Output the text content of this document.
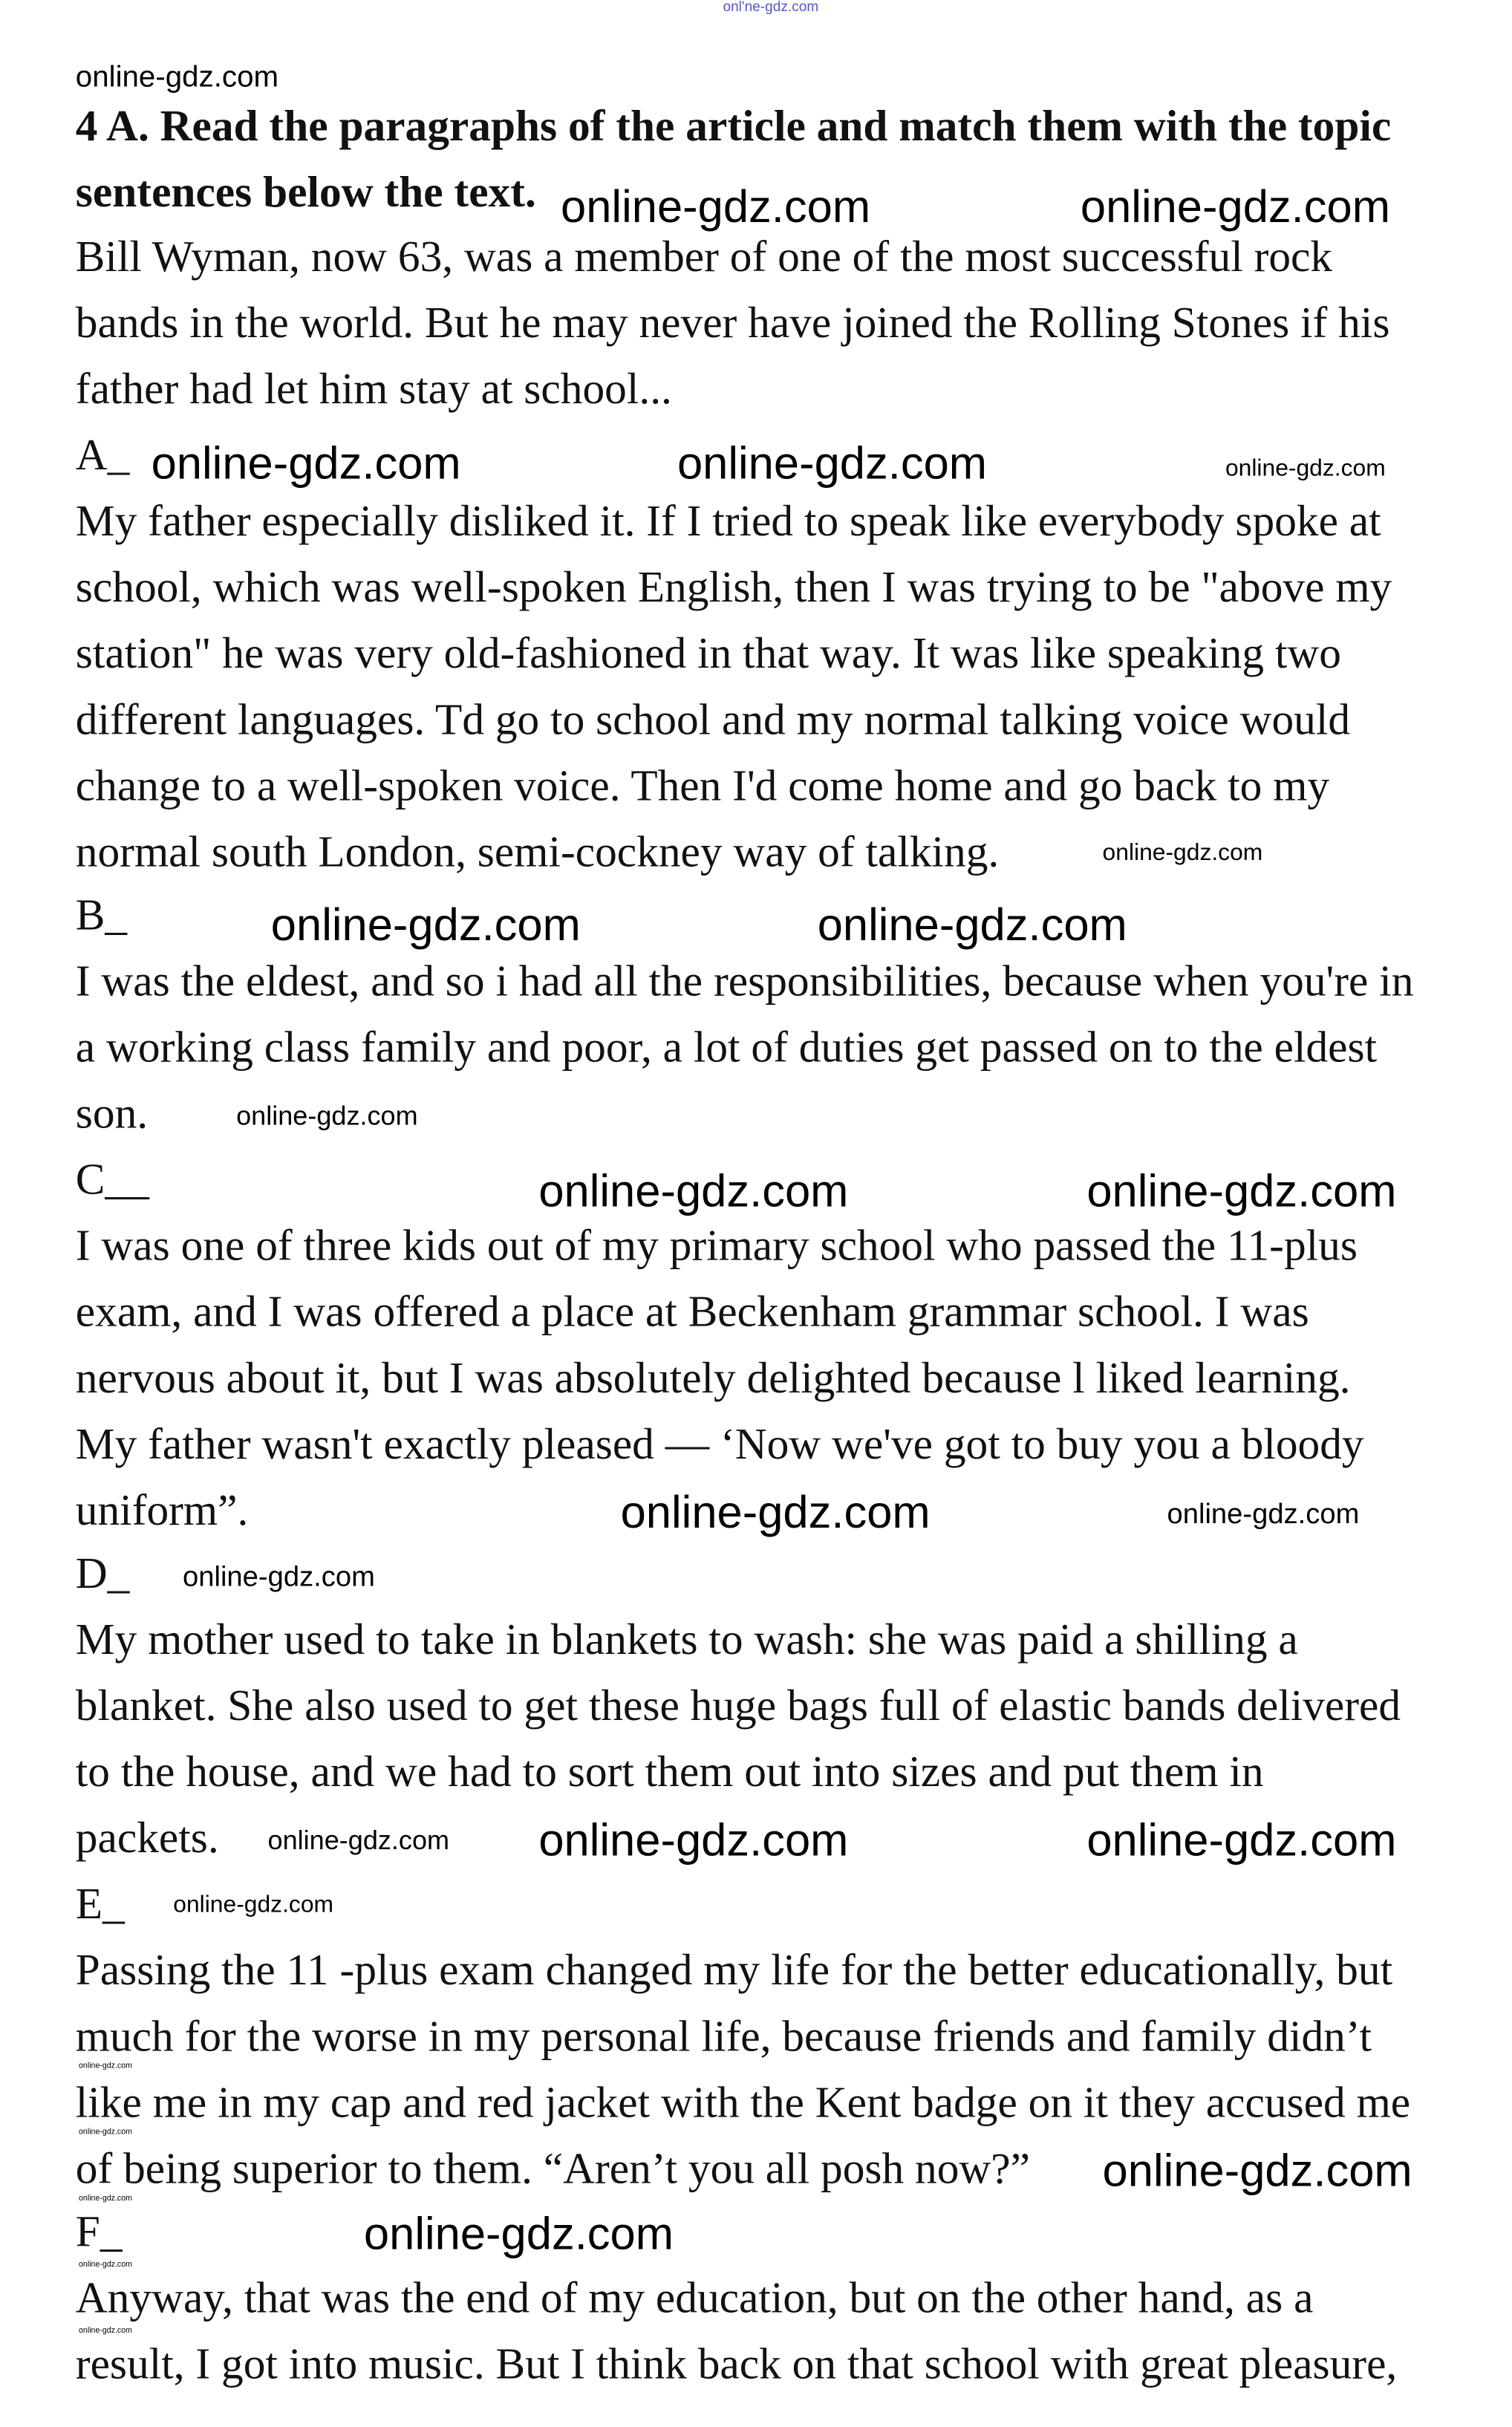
onl'ne-gdz.com
4 A. Read the paragraphs of the article and match them with the topic
sentences below the text.
Bill Wyman, now 63, was a member of one of the most successful rock
bands in the world. But he may never have joined the Rolling Stones if his
father had let him stay at school...
A_
My father especially disliked it. If I tried to speak like everybody spoke at
school, which was well-spoken English, then I was trying to be "above my
station" he was very old-fashioned in that way. It was like speaking two
different languages. Td go to school and my normal talking voice would
change to a well-spoken voice. Then I'd come home and go back to my
normal south London, semi-cockney way of talking.
B_
I was the eldest, and so i had all the responsibilities, because when you're in
a working class family and poor, a lot of duties get passed on to the eldest
son.
C__
I was one of three kids out of my primary school who passed the 11-plus
exam, and I was offered a place at Beckenham grammar school. I was
nervous about it, but I was absolutely delighted because l liked learning.
My father wasn't exactly pleased — ‘Now we've got to buy you a bloody
uniform”.
D_
My mother used to take in blankets to wash: she was paid a shilling a
blanket. She also used to get these huge bags full of elastic bands delivered
to the house, and we had to sort them out into sizes and put them in
packets.
E_
Passing the 11 -plus exam changed my life for the better educationally, but
much for the worse in my personal life, because friends and family didn’t
like me in my cap and red jacket with the Kent badge on it they accused me
of being superior to them. “Aren’t you all posh now?”
F_
Anyway, that was the end of my education, but on the other hand, as a
result, I got into music. But I think back on that school with great pleasure,
online-gdz.com
online-gdz.com	online-gdz.com
online-gdz.com	online-gdz.com	online-gdz.com
online-gdz.com
online-gdz.com	online-gdz.com
online-gdz.com	online-gdz.com
online-gdz.com
online-gdz.com	online-gdz.com
online-gdz.com
online-gdz.com	online-gdz.com	online-gdz.com
online-gdz.com
online-gdz.com
online-gdz.com
online-gdz.com
online-gdz.com
online-gdz.com
online-gdz.com
online-gdz.com
